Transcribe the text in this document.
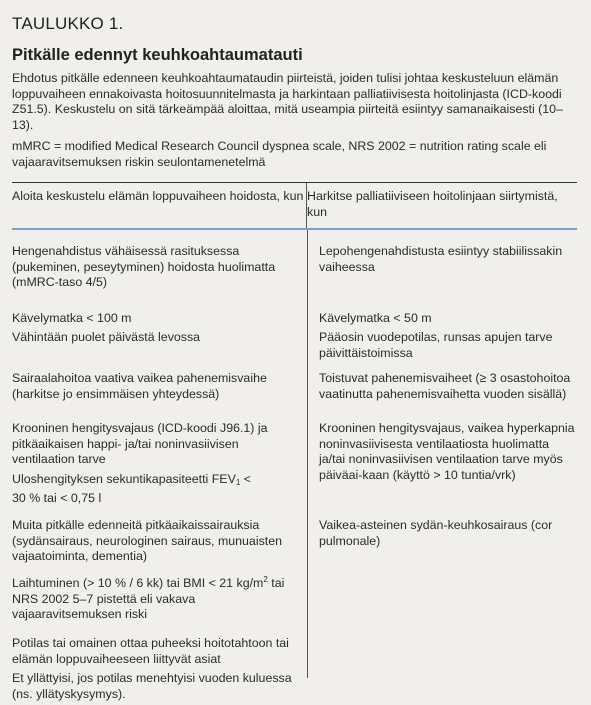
TAULUKKO 1.
Pitkälle edennyt keuhkoahtaumatauti

Ehdotus pitkälle edenneen keuhkoahtaumataudin piirteistä, joiden tulisi johtaa keskusteluun elämän loppuvaiheen ennakoivasta hoitosuunnitelmasta ja harkintaan palliatiivisesta hoitolinjasta (ICD-koodi Z51.5). Keskustelu on sitä tärkeämpää aloittaa, mitä useampia piirteitä esiintyy samanaikaisesti (10–13).

mMRC = modified Medical Research Council dyspnea scale, NRS 2002 = nutrition rating scale eli vajaaravitsemuksen riskin seulontamenetelmä

Aloita keskustelu elämän loppuvaiheen hoidosta, kun Harkitse palliatiiviseen hoitolinjaan siirtymistä, kun

Hengenahdistus vähäisessä rasituksessa (pukeminen, peseytyminen) hoidosta huolimatta (mMRC-taso 4/5)

Lepohengenahdistusta esiintyy stabiilissakin vaiheessa

Kävelymatka < 100 m	Kävelymatka < 50 m

Vähintään puolet päivästä levossa	Pääosin vuodepotilas, runsas apujen tarve päivittäistoimissa

Sairaalahoitoa vaativa vaikea pahenemisvaihe (harkitse jo ensimmäisen yhteydessä)

Toistuvat pahenemisvaiheet (≥ 3 osastohoitoa vaatinutta pahenemisvaihetta vuoden sisällä)

Krooninen hengitysvajaus (ICD-koodi J96.1) ja pitkäaikaisen happi- ja/tai noninvasiivisen ventilaation tarve

Krooninen hengitysvajaus, vaikea hyperkapnia noninvasiivisesta ventilaatiosta huolimatta ja/tai noninvasiivisen ventilaation tarve myös päiväai-kaan (käyttö > 10 tuntia/vrk)

Uloshengityksen sekuntikapasiteetti $FEV_1 < 30$ % tai < 0,75 l

Muita pitkälle edenneitä pitkäaikaissairauksia (sydänsairaus, neurologinen sairaus, munuaisten vajaatoiminta, dementia)

Vaikea-asteinen sydän-keuhkosairaus (cor pulmonale)

Laihtuminen (> 10 % / 6 kk) tai BMI < 21 $kg/m^2$ tai NRS 2002 5–7 pistettä eli vakava vajaaravitsemuksen riski

Potilas tai omainen ottaa puheeksi hoitotahtoon tai elämän loppuvaiheeseen liittyvät asiat

Et yllättyisi, jos potilas menehtyisi vuoden kuluessa (ns. yllätyskysymys).
